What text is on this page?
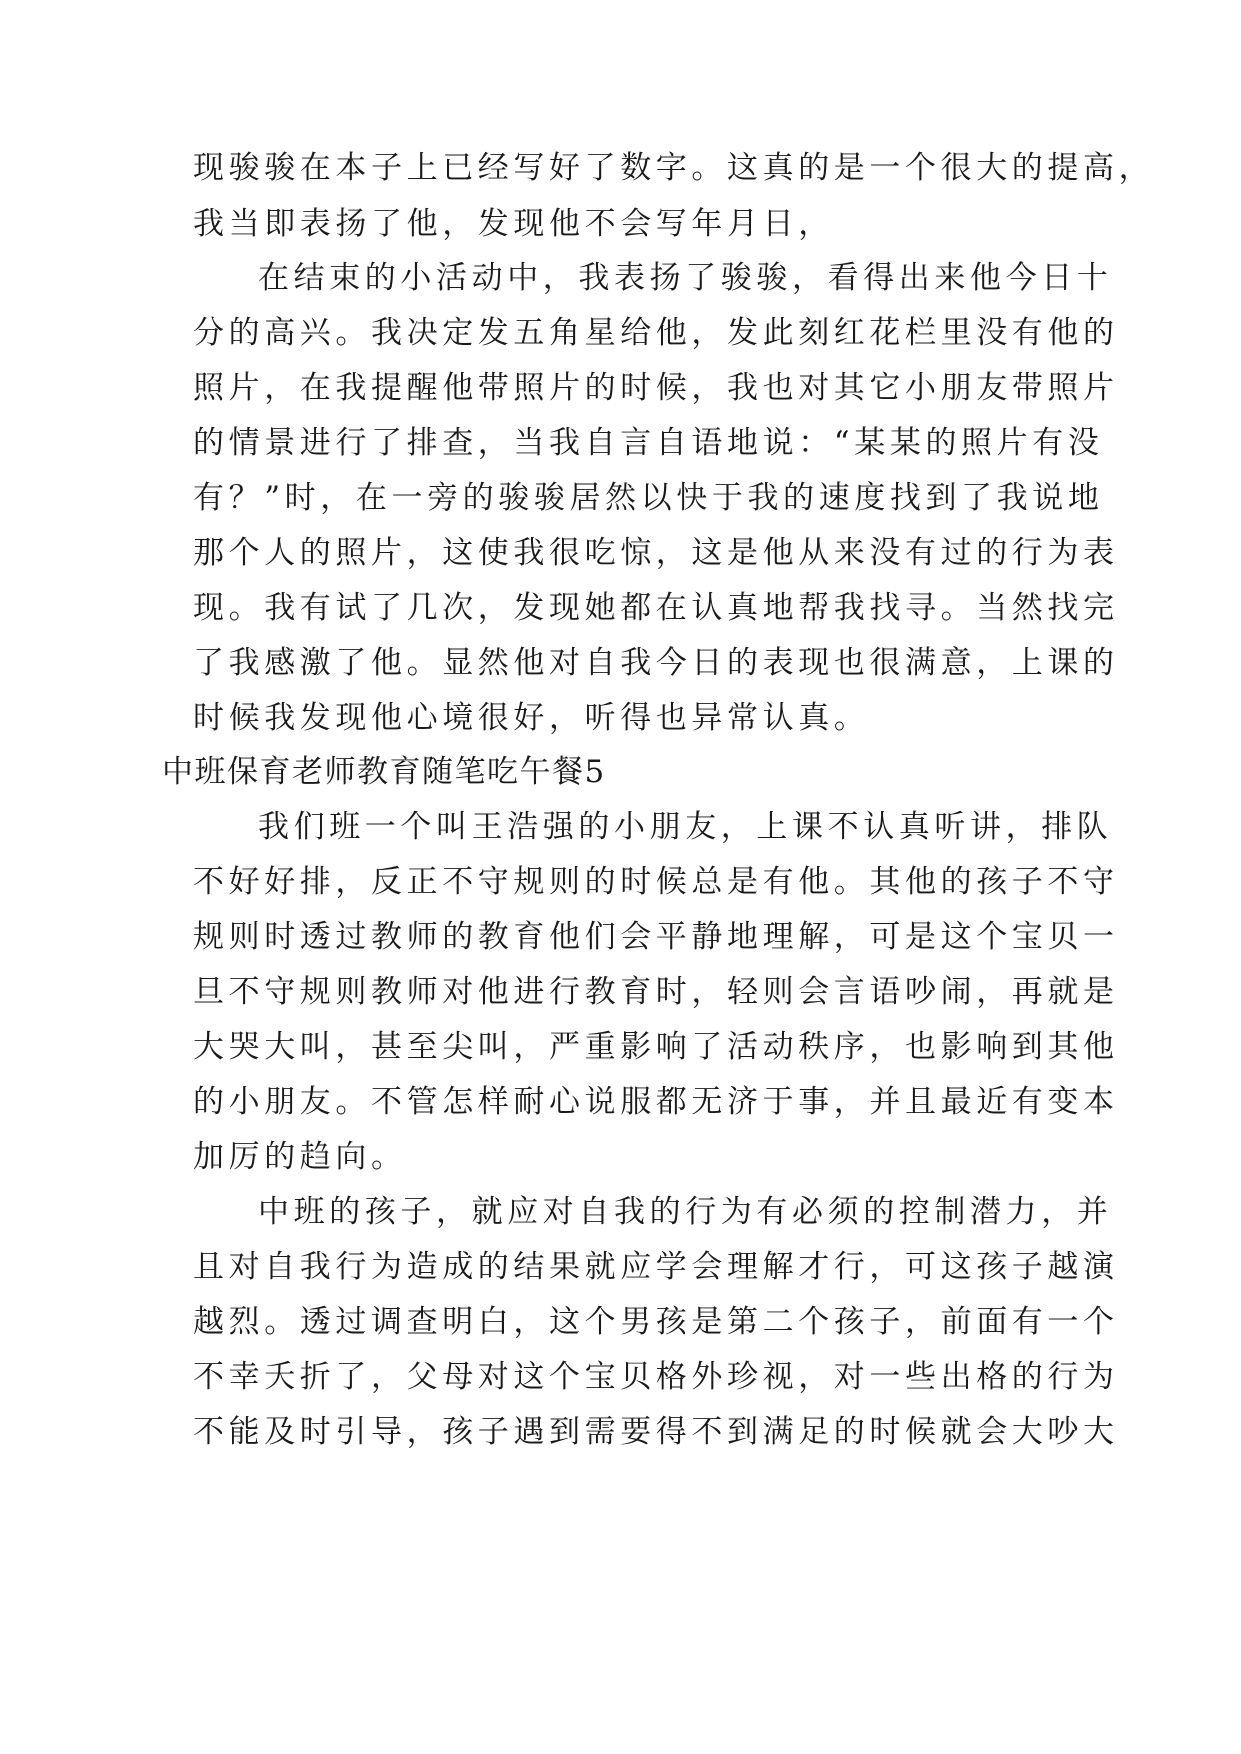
现骏骏在本子上已经写好了数字。这真的是一个很大的提高，
我当即表扬了他，发现他不会写年月日，
在结束的小活动中，我表扬了骏骏，看得出来他今日十
分的高兴。我决定发五角星给他，发此刻红花栏里没有他的
照片，在我提醒他带照片的时候，我也对其它小朋友带照片
的情景进行了排查，当我自言自语地说：“某某的照片有没
有？”时，在一旁的骏骏居然以快于我的速度找到了我说地
那个人的照片，这使我很吃惊，这是他从来没有过的行为表
现。我有试了几次，发现她都在认真地帮我找寻。当然找完
了我感激了他。显然他对自我今日的表现也很满意，上课的
时候我发现他心境很好，听得也异常认真。
中班保育老师教育随笔吃午餐5
我们班一个叫王浩强的小朋友，上课不认真听讲，排队
不好好排，反正不守规则的时候总是有他。其他的孩子不守
规则时透过教师的教育他们会平静地理解，可是这个宝贝一
旦不守规则教师对他进行教育时，轻则会言语吵闹，再就是
大哭大叫，甚至尖叫，严重影响了活动秩序，也影响到其他
的小朋友。不管怎样耐心说服都无济于事，并且最近有变本
加厉的趋向。
中班的孩子，就应对自我的行为有必须的控制潜力，并
且对自我行为造成的结果就应学会理解才行，可这孩子越演
越烈。透过调查明白，这个男孩是第二个孩子，前面有一个
不幸夭折了，父母对这个宝贝格外珍视，对一些出格的行为
不能及时引导，孩子遇到需要得不到满足的时候就会大吵大
